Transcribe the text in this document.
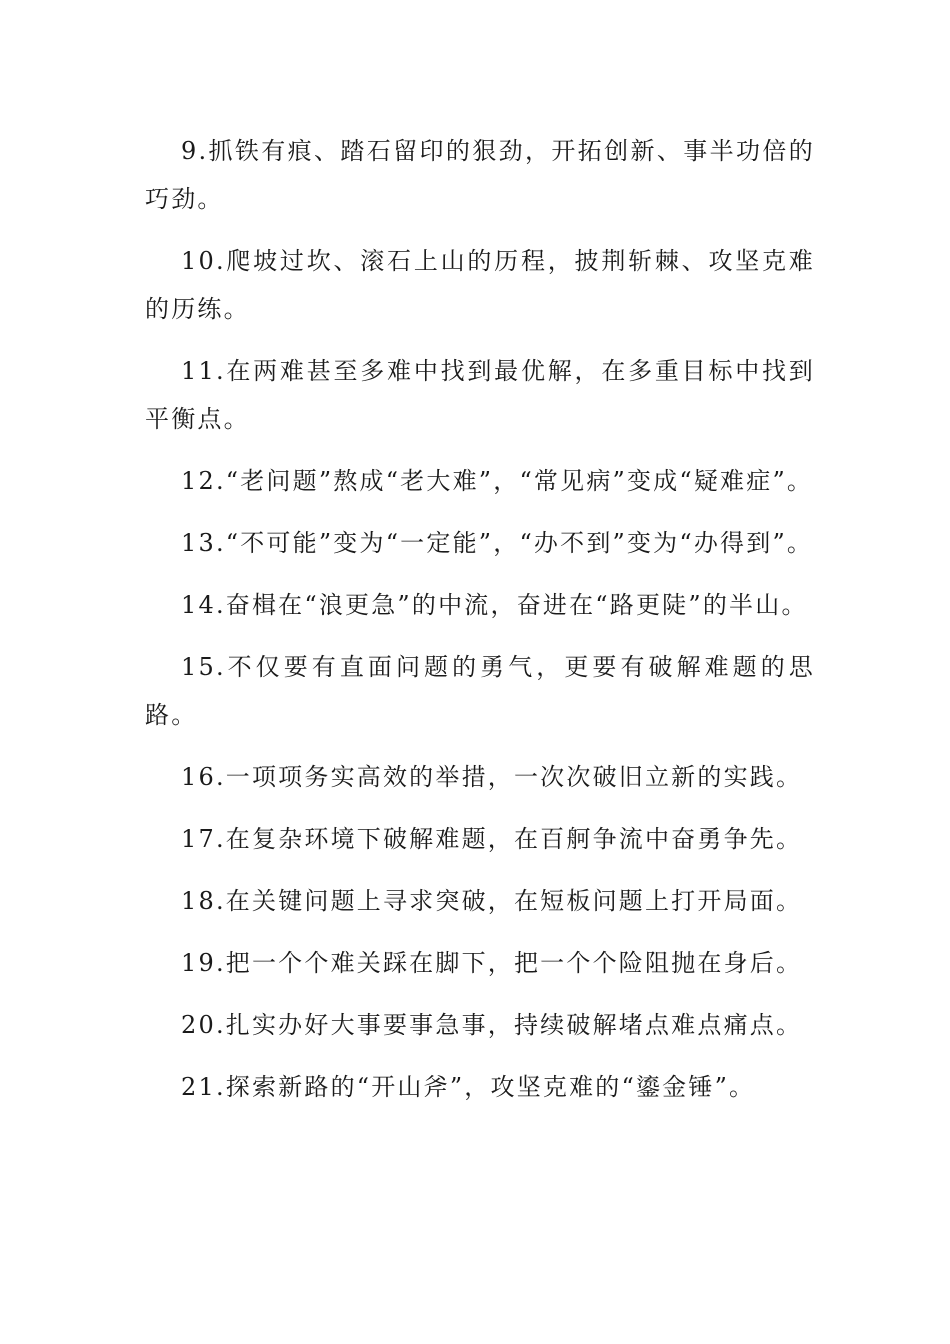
9.抓铁有痕、踏石留印的狠劲，开拓创新、事半功倍的巧劲。

10.爬坡过坎、滚石上山的历程，披荆斩棘、攻坚克难的历练。

11.在两难甚至多难中找到最优解，在多重目标中找到平衡点。

12.“老问题”熬成“老大难”，“常见病”变成“疑难症”。

13.“不可能”变为“一定能”，“办不到”变为“办得到”。

14.奋楫在“浪更急”的中流，奋进在“路更陡”的半山。

15.不仅要有直面问题的勇气，更要有破解难题的思路。

16.一项项务实高效的举措，一次次破旧立新的实践。

17.在复杂环境下破解难题，在百舸争流中奋勇争先。

18.在关键问题上寻求突破，在短板问题上打开局面。

19.把一个个难关踩在脚下，把一个个险阻抛在身后。

20.扎实办好大事要事急事，持续破解堵点难点痛点。

21.探索新路的“开山斧”，攻坚克难的“鎏金锤”。
